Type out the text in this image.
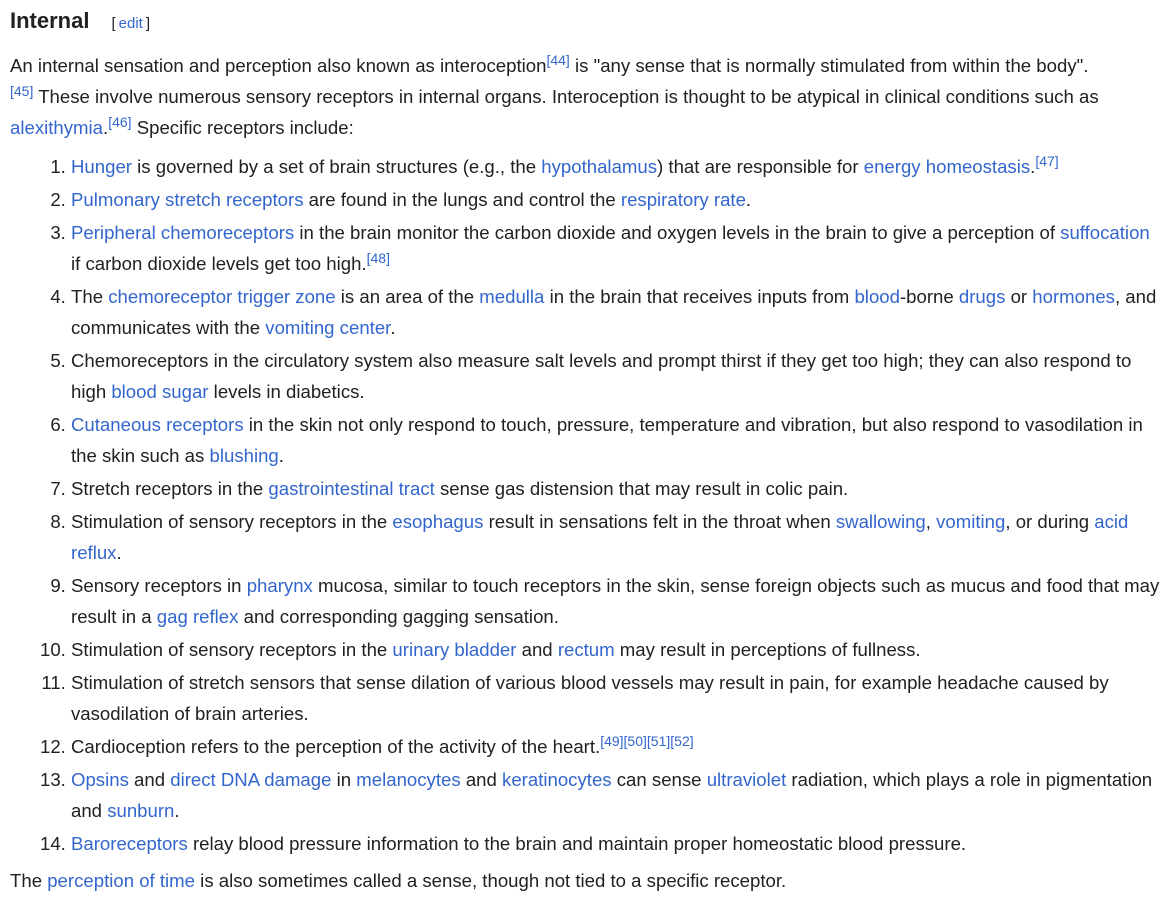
Internal [ edit ]

An internal sensation and perception also known as interoception[44] is "any sense that is normally stimulated from within the body".
[45] These involve numerous sensory receptors in internal organs. Interoception is thought to be atypical in clinical conditions such as alexithymia.[46] Specific receptors include:

1. Hunger is governed by a set of brain structures (e.g., the hypothalamus) that are responsible for energy homeostasis.[47]
2. Pulmonary stretch receptors are found in the lungs and control the respiratory rate.
3. Peripheral chemoreceptors in the brain monitor the carbon dioxide and oxygen levels in the brain to give a perception of suffocation if carbon dioxide levels get too high.[48]
4. The chemoreceptor trigger zone is an area of the medulla in the brain that receives inputs from blood-borne drugs or hormones, and communicates with the vomiting center.
5. Chemoreceptors in the circulatory system also measure salt levels and prompt thirst if they get too high; they can also respond to high blood sugar levels in diabetics.
6. Cutaneous receptors in the skin not only respond to touch, pressure, temperature and vibration, but also respond to vasodilation in the skin such as blushing.
7. Stretch receptors in the gastrointestinal tract sense gas distension that may result in colic pain.
8. Stimulation of sensory receptors in the esophagus result in sensations felt in the throat when swallowing, vomiting, or during acid reflux.
9. Sensory receptors in pharynx mucosa, similar to touch receptors in the skin, sense foreign objects such as mucus and food that may result in a gag reflex and corresponding gagging sensation.
10. Stimulation of sensory receptors in the urinary bladder and rectum may result in perceptions of fullness.
11. Stimulation of stretch sensors that sense dilation of various blood vessels may result in pain, for example headache caused by vasodilation of brain arteries.
12. Cardioception refers to the perception of the activity of the heart.[49][50][51][52]
13. Opsins and direct DNA damage in melanocytes and keratinocytes can sense ultraviolet radiation, which plays a role in pigmentation and sunburn.
14. Baroreceptors relay blood pressure information to the brain and maintain proper homeostatic blood pressure.

The perception of time is also sometimes called a sense, though not tied to a specific receptor.
